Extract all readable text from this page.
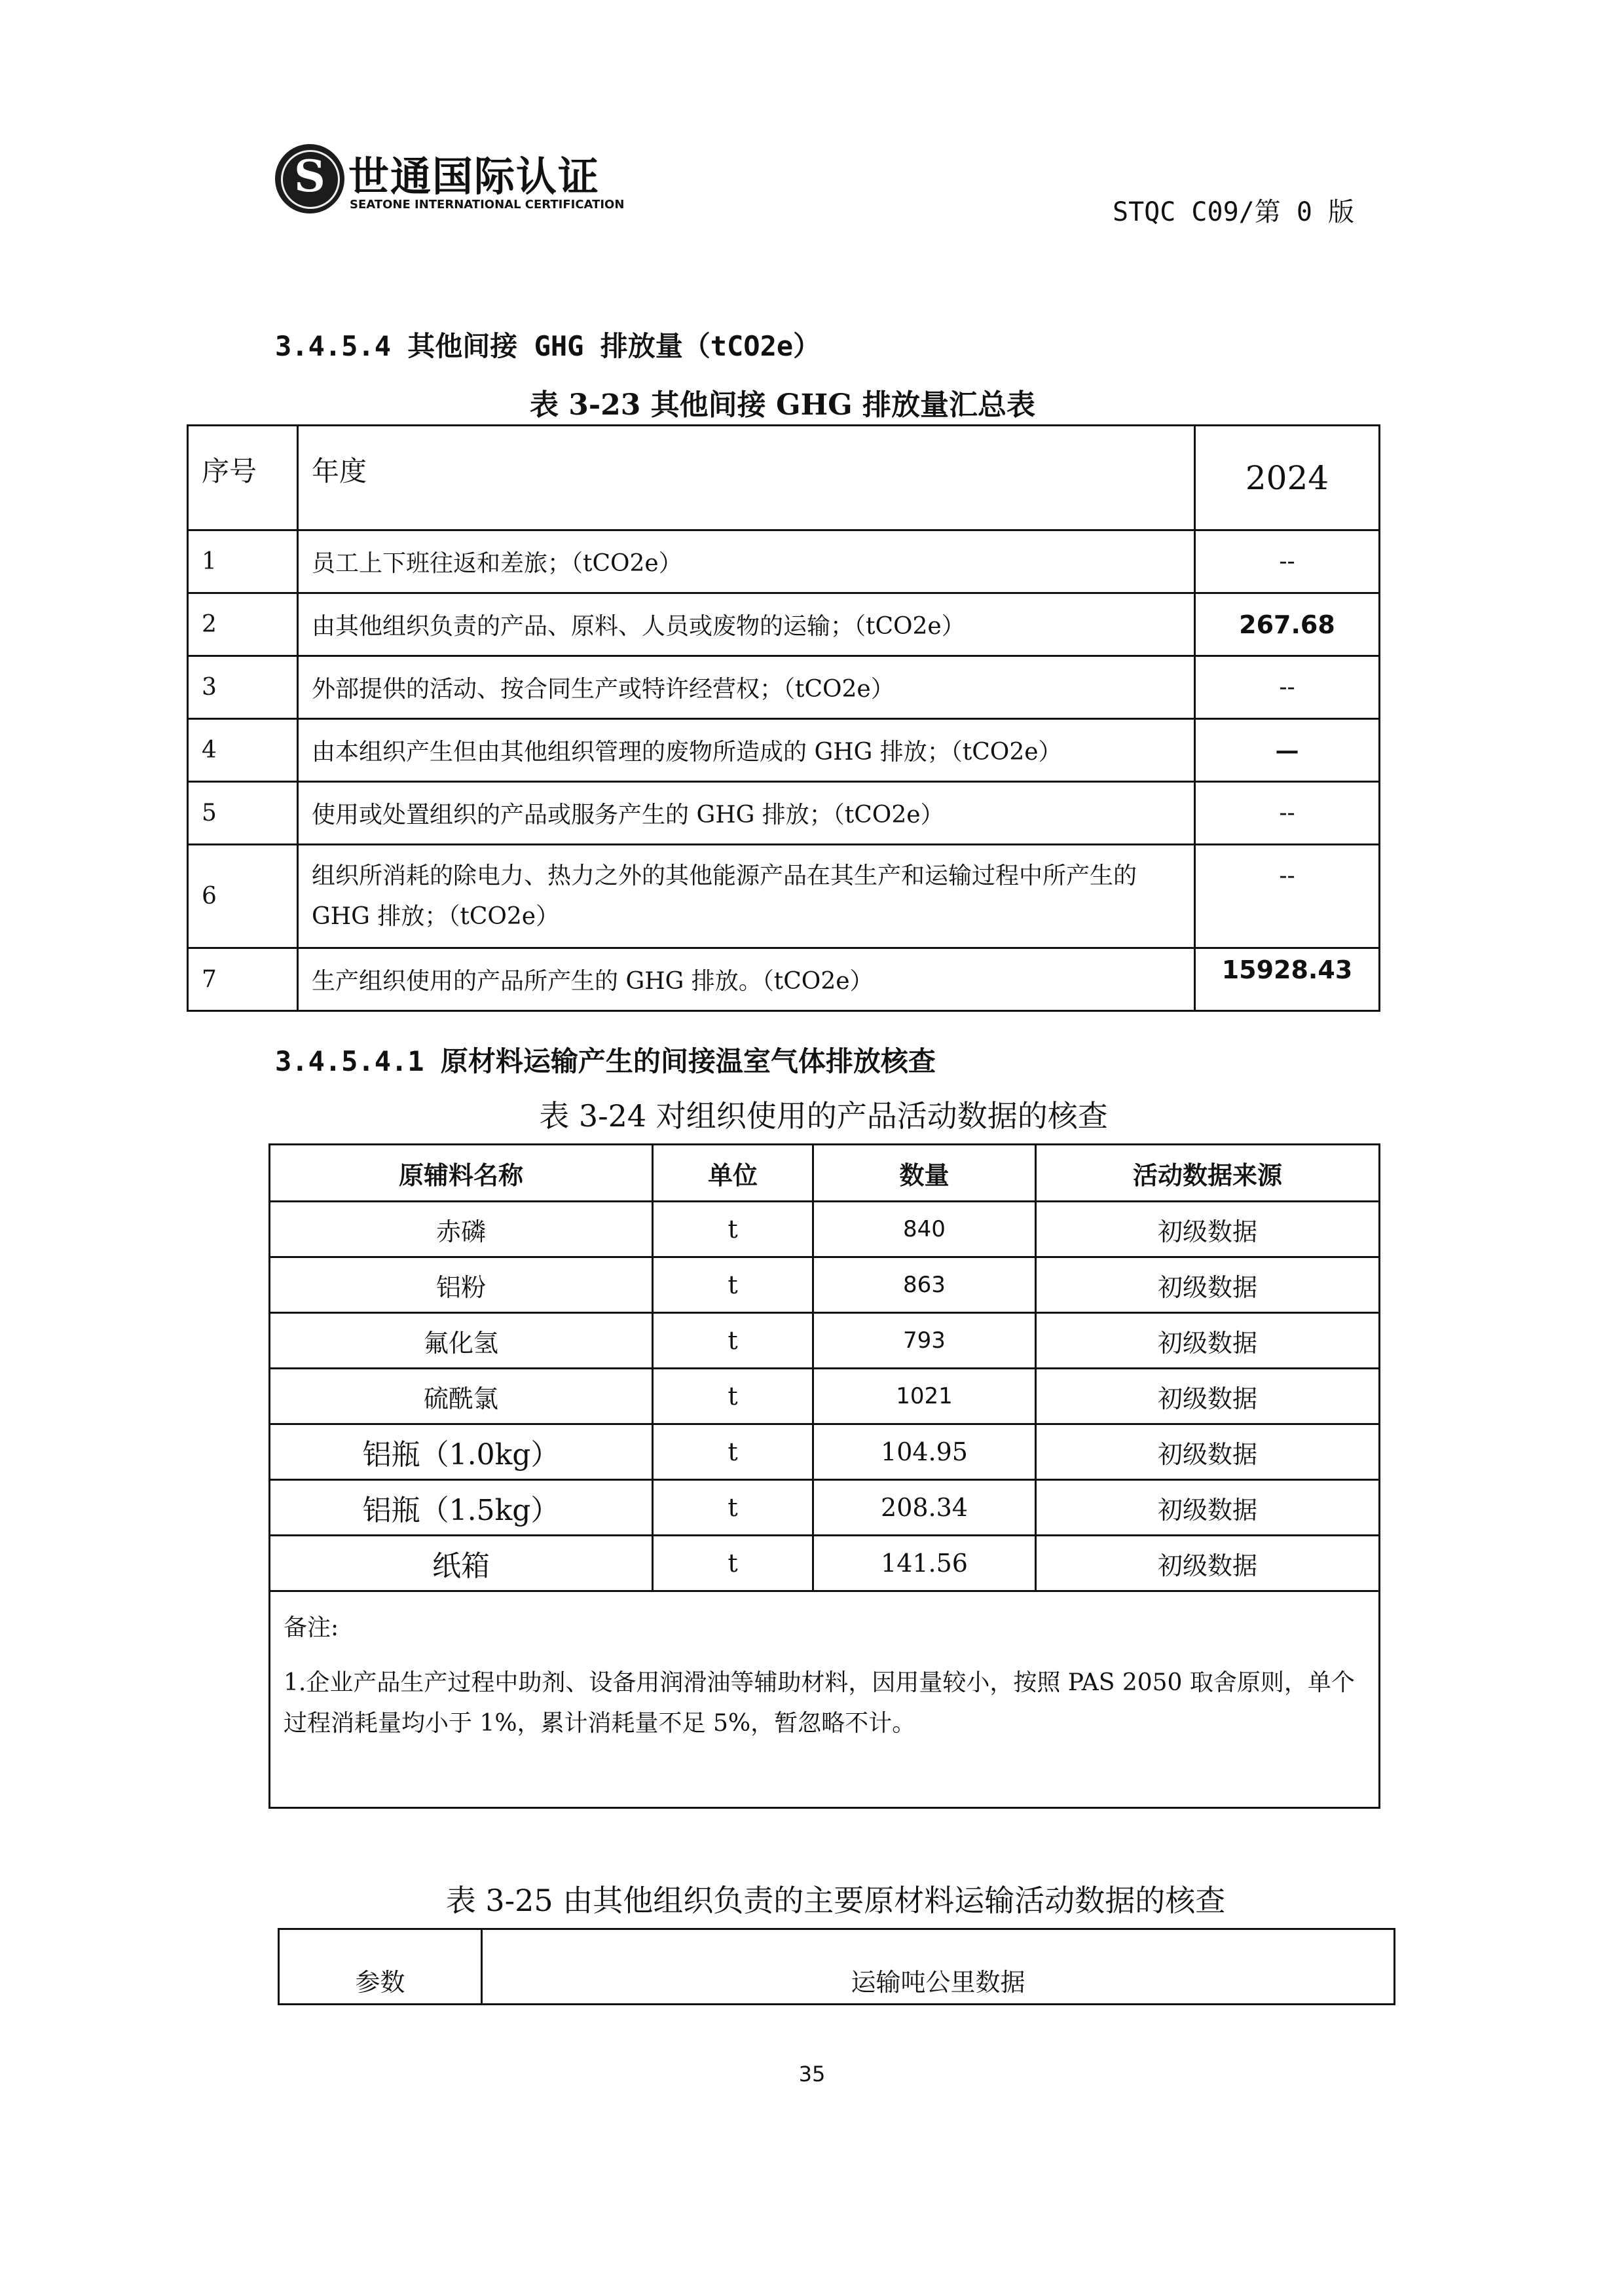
S 世通国际认证
SEATONE INTERNATIONAL CERTIFICATION	STQC C09/第 0 版
3.4.5.4 其他间接 GHG 排放量（tCO2e）
表 3-23 其他间接 GHG 排放量汇总表
序号	年度	2024
1	员工上下班往返和差旅；（tCO2e）	--
2	由其他组织负责的产品、原料、人员或废物的运输；（tCO2e）	267.68
3	外部提供的活动、按合同生产或特许经营权；（tCO2e）	--
4	由本组织产生但由其他组织管理的废物所造成的 GHG 排放；（tCO2e）	—
5	使用或处置组织的产品或服务产生的 GHG 排放；（tCO2e）	--
6	组织所消耗的除电力、热力之外的其他能源产品在其生产和运输过程中所产生的 GHG 排放；（tCO2e）	--
7	生产组织使用的产品所产生的 GHG 排放。（tCO2e）	15928.43
3.4.5.4.1 原材料运输产生的间接温室气体排放核查
表 3-24 对组织使用的产品活动数据的核查
原辅料名称	单位	数量	活动数据来源
赤磷	t	840	初级数据
铝粉	t	863	初级数据
氟化氢	t	793	初级数据
硫酰氯	t	1021	初级数据
铝瓶（1.0kg）	t	104.95	初级数据
铝瓶（1.5kg）	t	208.34	初级数据
纸箱	t	141.56	初级数据

备注:
1.企业产品生产过程中助剂、设备用润滑油等辅助材料，因用量较小，按照 PAS 2050 取舍原则，单个过程消耗量均小于 1%，累计消耗量不足 5%，暂忽略不计。			
表 3-25 由其他组织负责的主要原材料运输活动数据的核查
参数	运输吨公里数据
35
